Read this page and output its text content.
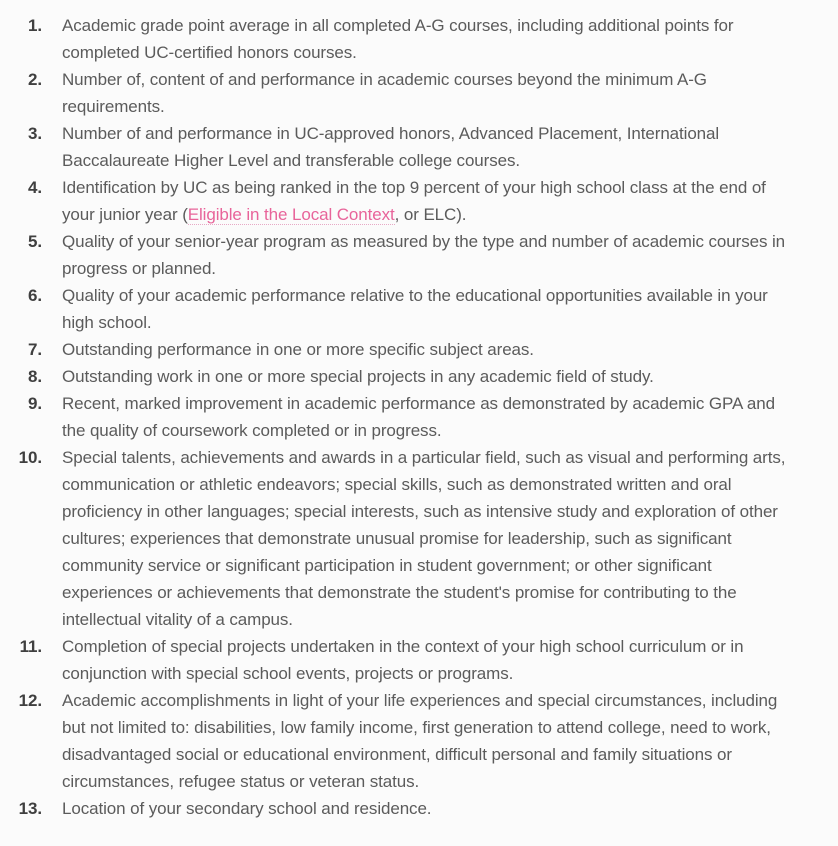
1. Academic grade point average in all completed A-G courses, including additional points for completed UC-certified honors courses.
2. Number of, content of and performance in academic courses beyond the minimum A-G requirements.
3. Number of and performance in UC-approved honors, Advanced Placement, International Baccalaureate Higher Level and transferable college courses.
4. Identification by UC as being ranked in the top 9 percent of your high school class at the end of your junior year (Eligible in the Local Context, or ELC).
5. Quality of your senior-year program as measured by the type and number of academic courses in progress or planned.
6. Quality of your academic performance relative to the educational opportunities available in your high school.
7. Outstanding performance in one or more specific subject areas.
8. Outstanding work in one or more special projects in any academic field of study.
9. Recent, marked improvement in academic performance as demonstrated by academic GPA and the quality of coursework completed or in progress.
10. Special talents, achievements and awards in a particular field, such as visual and performing arts, communication or athletic endeavors; special skills, such as demonstrated written and oral proficiency in other languages; special interests, such as intensive study and exploration of other cultures; experiences that demonstrate unusual promise for leadership, such as significant community service or significant participation in student government; or other significant experiences or achievements that demonstrate the student's promise for contributing to the intellectual vitality of a campus.
11. Completion of special projects undertaken in the context of your high school curriculum or in conjunction with special school events, projects or programs.
12. Academic accomplishments in light of your life experiences and special circumstances, including but not limited to: disabilities, low family income, first generation to attend college, need to work, disadvantaged social or educational environment, difficult personal and family situations or circumstances, refugee status or veteran status.
13. Location of your secondary school and residence.
